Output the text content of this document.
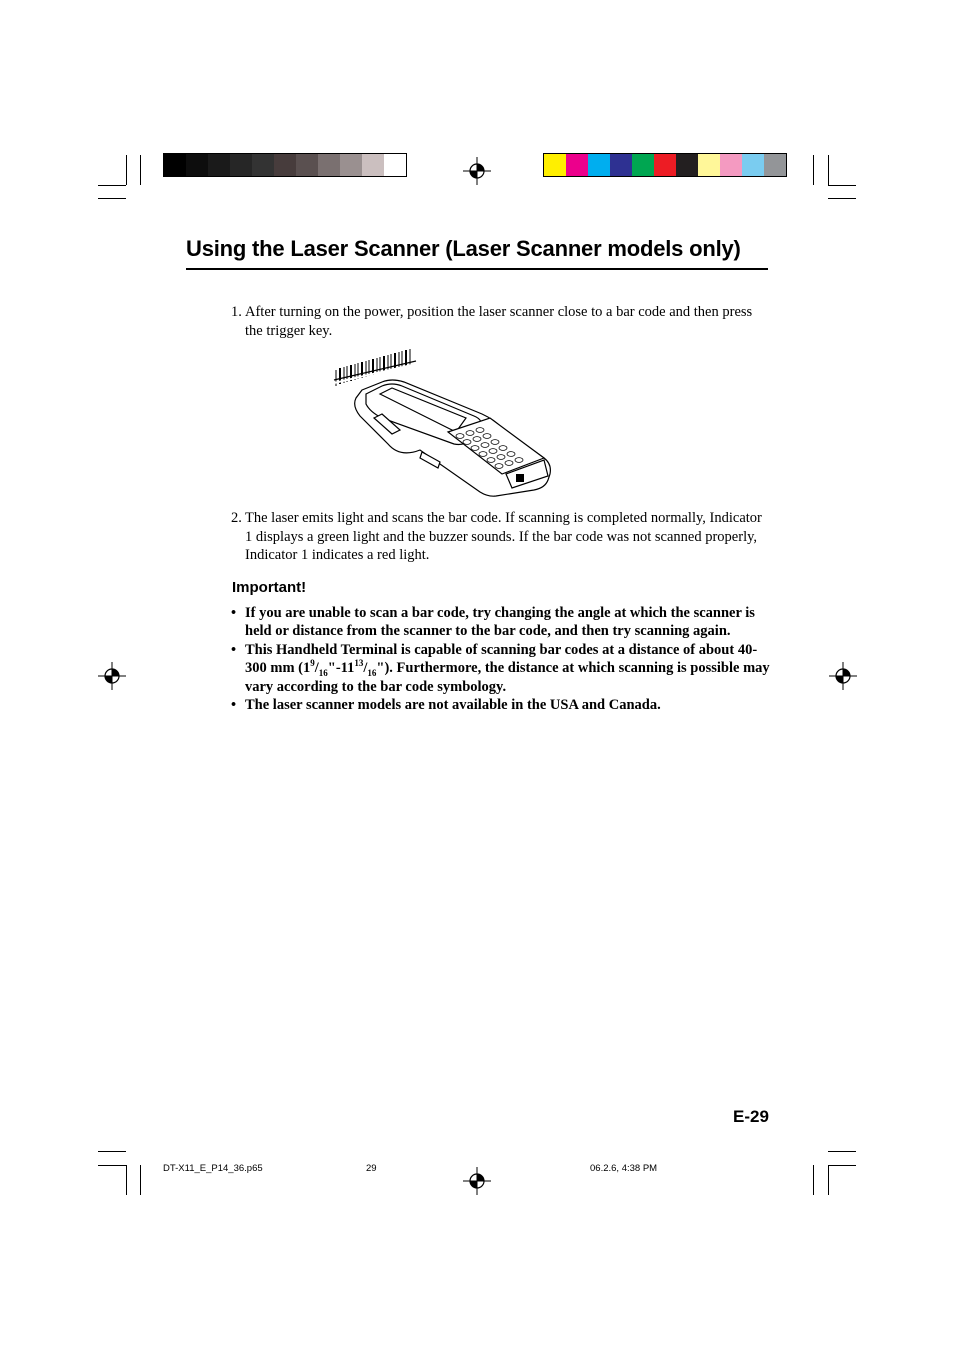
Using the Laser Scanner (Laser Scanner models only)
1. After turning on the power, position the laser scanner close to a bar code and then press the trigger key.
2. The laser emits light and scans the bar code. If scanning is completed normally, Indicator 1 displays a green light and the buzzer sounds. If the bar code was not scanned properly, Indicator 1 indicates a red light.
Important!
• If you are unable to scan a bar code, try changing the angle at which the scanner is held or distance from the scanner to the bar code, and then try scanning again.
• This Handheld Terminal is capable of scanning bar codes at a distance of about 40-300 mm $(1^9/_{16}"-11^{13}/_{16}")$. Furthermore, the distance at which scanning is possible may vary according to the bar code symbology.
• The laser scanner models are not available in the USA and Canada.
E-29
DT-X11_E_P14_36.p65	29	06.2.6, 4:38 PM
